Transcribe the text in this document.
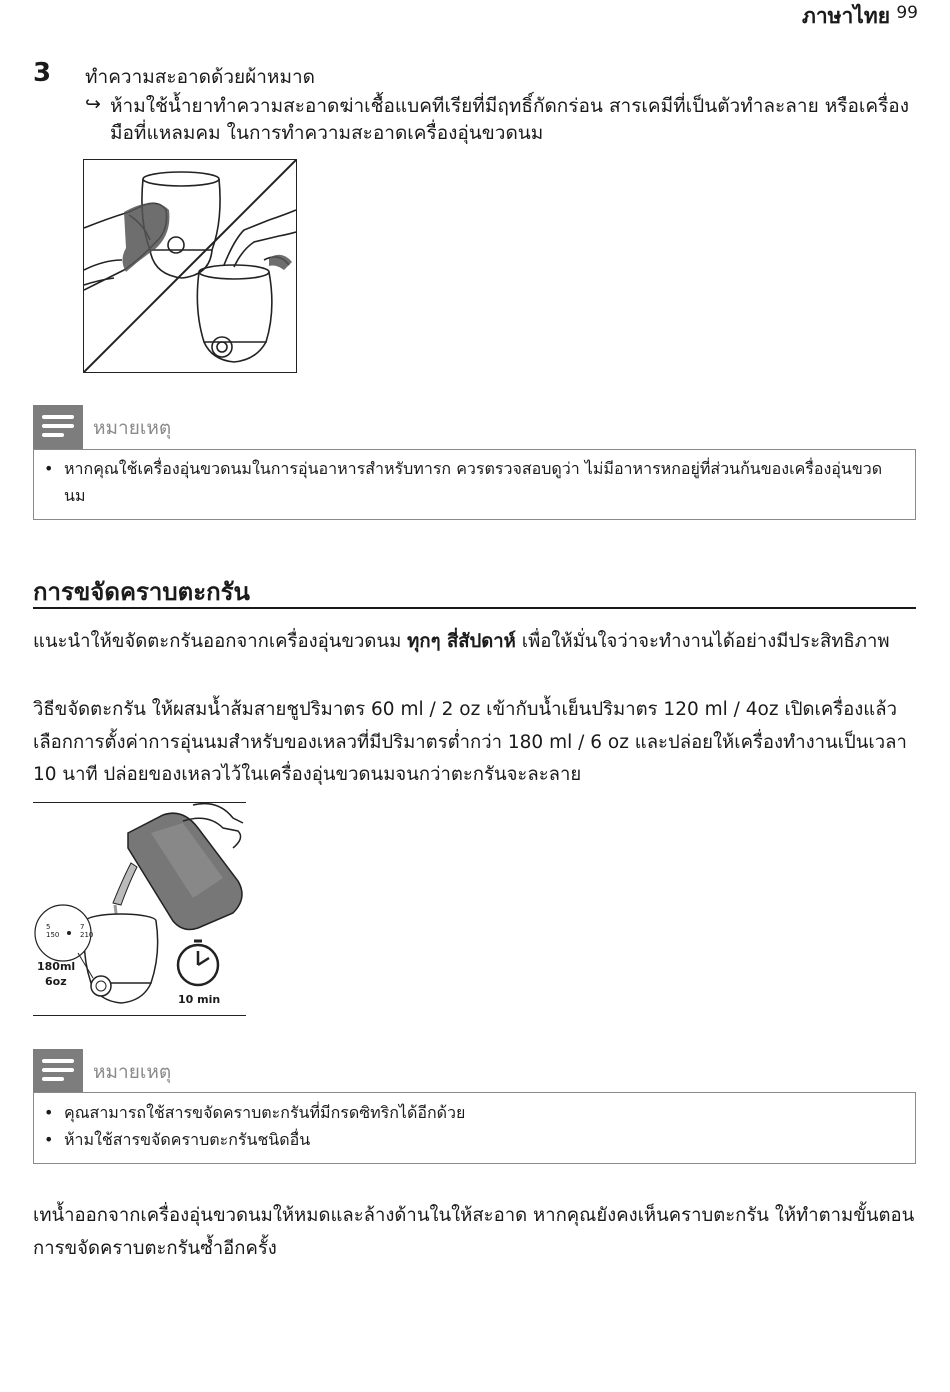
ภาษาไทย 99
3 ทำความสะอาดด้วยผ้าหมาด
↪ ห้ามใช้น้ำยาทำความสะอาดฆ่าเชื้อแบคทีเรียที่มีฤทธิ์กัดกร่อน สารเคมีที่เป็นตัวทำละลาย หรือเครื่องมือที่แหลมคม ในการทำความสะอาดเครื่องอุ่นขวดนม
หมายเหตุ
• หากคุณใช้เครื่องอุ่นขวดนมในการอุ่นอาหารสำหรับทารก ควรตรวจสอบดูว่า ไม่มีอาหารหกอยู่ที่ส่วนก้นของเครื่องอุ่นขวดนม
การขจัดคราบตะกรัน
แนะนำให้ขจัดตะกรันออกจากเครื่องอุ่นขวดนม ทุกๆ สี่สัปดาห์ เพื่อให้มั่นใจว่าจะทำงานได้อย่างมีประสิทธิภาพ
วิธีขจัดตะกรัน ให้ผสมน้ำส้มสายชูปริมาตร 60 ml / 2 oz เข้ากับน้ำเย็นปริมาตร 120 ml / 4oz เปิดเครื่องแล้วเลือกการตั้งค่าการอุ่นนมสำหรับของเหลวที่มีปริมาตรต่ำกว่า 180 ml / 6 oz และปล่อยให้เครื่องทำงานเป็นเวลา 10 นาที ปล่อยของเหลวไว้ในเครื่องอุ่นขวดนมจนกว่าตะกรันจะละลาย
5
150
7
210
180ml
6oz
10 min
หมายเหตุ
• คุณสามารถใช้สารขจัดคราบตะกรันที่มีกรดซิทริกได้อีกด้วย
• ห้ามใช้สารขจัดคราบตะกรันชนิดอื่น
เทน้ำออกจากเครื่องอุ่นขวดนมให้หมดและล้างด้านในให้สะอาด หากคุณยังคงเห็นคราบตะกรัน ให้ทำตามขั้นตอนการขจัดคราบตะกรันซ้ำอีกครั้ง
